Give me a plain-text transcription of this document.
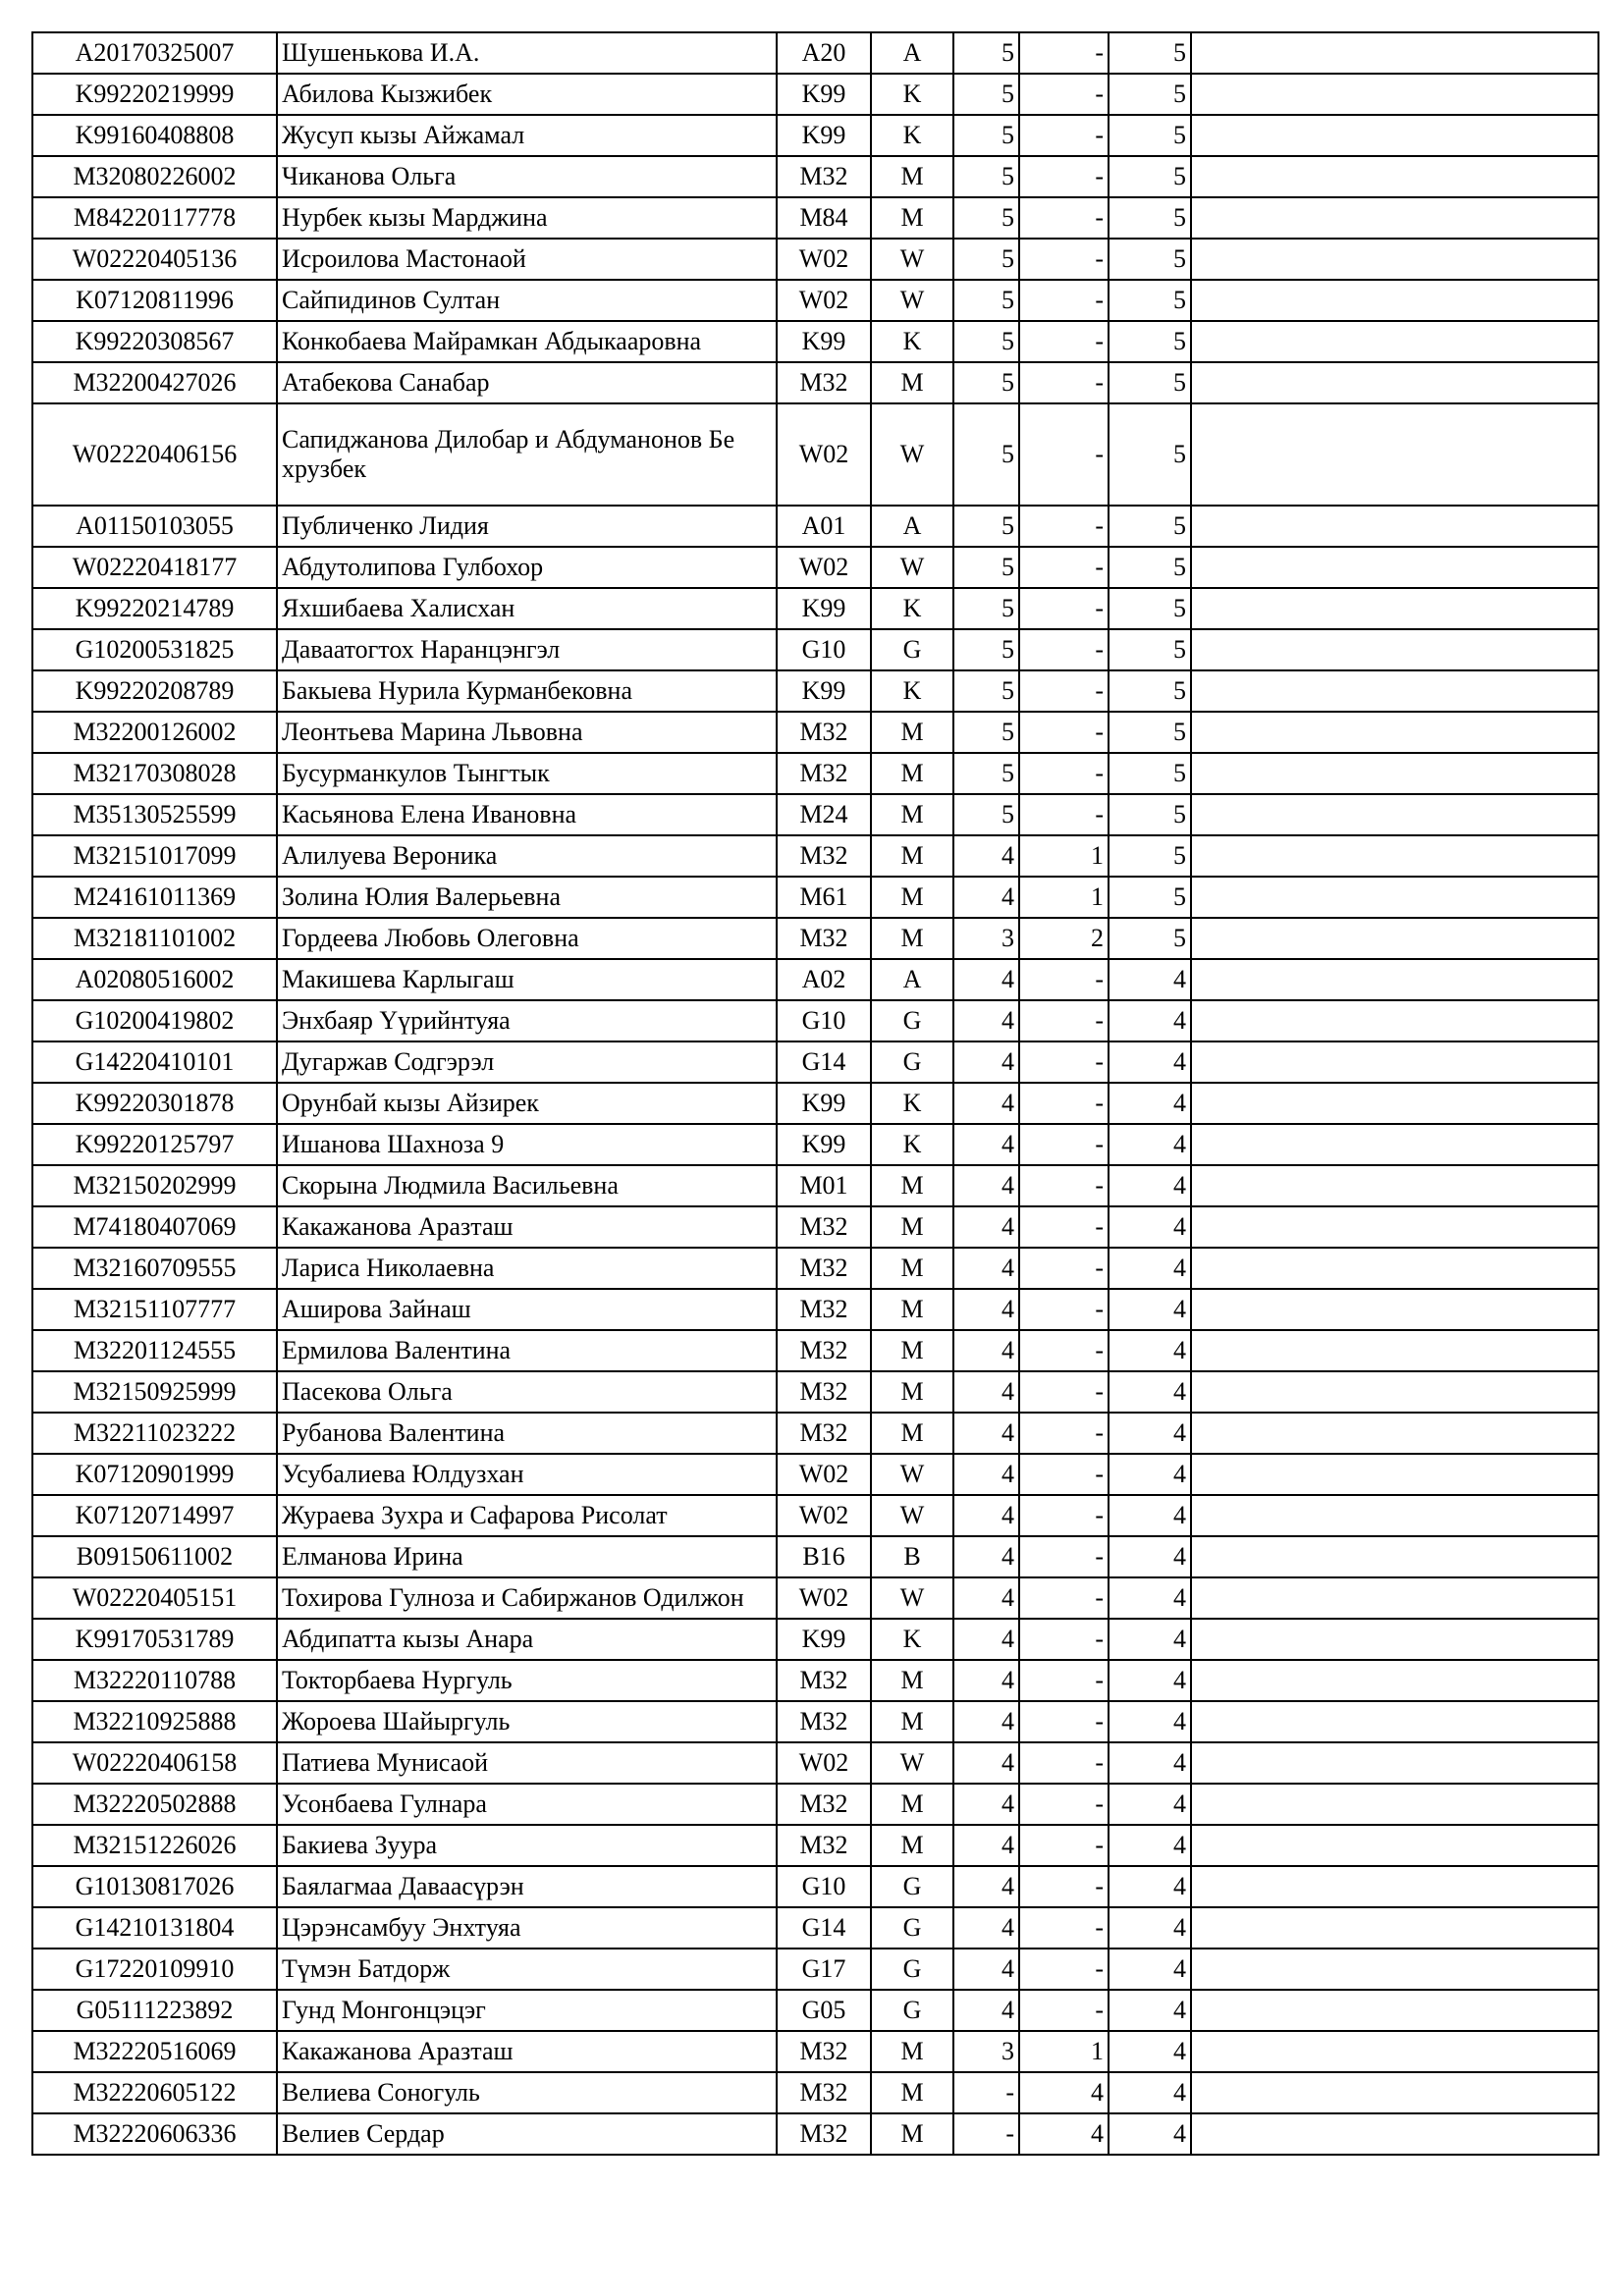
A20170325007	Шушенькова И.А.	A20	A	5	-	5	
K99220219999	Абилова Кызжибек	K99	K	5	-	5	
K99160408808	Жусуп кызы Айжамал	K99	K	5	-	5	
M32080226002	Чиканова Ольга	M32	M	5	-	5	
M84220117778	Нурбек кызы Марджина	M84	M	5	-	5	
W02220405136	Исроилова Мастонаой	W02	W	5	-	5	
K07120811996	Сайпидинов Султан	W02	W	5	-	5	
K99220308567	Конкобаева Майрамкан Абдыкааровна	K99	K	5	-	5	
M32200427026	Атабекова Санабар	M32	M	5	-	5	
W02220406156	Сапиджанова Дилобар и Абдуманонов Бе хрузбек	W02	W	5	-	5	
A01150103055	Публиченко Лидия	A01	A	5	-	5	
W02220418177	Абдутолипова Гулбохор	W02	W	5	-	5	
K99220214789	Яхшибаева Халисхан	K99	K	5	-	5	
G10200531825	Даваатогтох Наранцэнгэл	G10	G	5	-	5	
K99220208789	Бакыева Нурила Курманбековна	K99	K	5	-	5	
M32200126002	Леонтьева Марина Львовна	M32	M	5	-	5	
M32170308028	Бусурманкулов Тынгтык	M32	M	5	-	5	
M35130525599	Касьянова Елена Ивановна	M24	M	5	-	5	
M32151017099	Алилуева Вероника	M32	M	4	1	5	
M24161011369	Золина Юлия Валерьевна	M61	M	4	1	5	
M32181101002	Гордеева Любовь Олеговна	M32	M	3	2	5	
A02080516002	Макишева Карлыгаш	A02	A	4	-	4	
G10200419802	Энхбаяр Үүрийнтуяа	G10	G	4	-	4	
G14220410101	Дугаржав Содгэрэл	G14	G	4	-	4	
K99220301878	Орунбай кызы Айзирек	K99	K	4	-	4	
K99220125797	Ишанова Шахноза 9	K99	K	4	-	4	
M32150202999	Скорына Людмила Васильевна	M01	M	4	-	4	
M74180407069	Какажанова Аразташ	M32	M	4	-	4	
M32160709555	Лариса Николаевна	M32	M	4	-	4	
M32151107777	Аширова Зайнаш	M32	M	4	-	4	
M32201124555	Ермилова Валентина	M32	M	4	-	4	
M32150925999	Пасекова Ольга	M32	M	4	-	4	
M32211023222	Рубанова Валентина	M32	M	4	-	4	
K07120901999	Усубалиева Юлдузхан	W02	W	4	-	4	
K07120714997	Жураева Зухра и Сафарова Рисолат	W02	W	4	-	4	
B09150611002	Елманова Ирина	B16	B	4	-	4	
W02220405151	Тохирова Гулноза и Сабиржанов Одилжон	W02	W	4	-	4	
K99170531789	Абдипатта кызы Анара	K99	K	4	-	4	
M32220110788	Токторбаева Нургуль	M32	M	4	-	4	
M32210925888	Жороева Шайыргуль	M32	M	4	-	4	
W02220406158	Патиева Мунисаой	W02	W	4	-	4	
M32220502888	Усонбаева Гулнара	M32	M	4	-	4	
M32151226026	Бакиева Зуура	M32	M	4	-	4	
G10130817026	Баялагмаа Даваасүрэн	G10	G	4	-	4	
G14210131804	Цэрэнсамбуу Энхтуяа	G14	G	4	-	4	
G17220109910	Түмэн Батдорж	G17	G	4	-	4	
G05111223892	Гунд Монгонцэцэг	G05	G	4	-	4	
M32220516069	Какажанова Аразташ	M32	M	3	1	4	
M32220605122	Велиева Соногуль	M32	M	-	4	4	
M32220606336	Велиев Сердар	M32	M	-	4	4	
